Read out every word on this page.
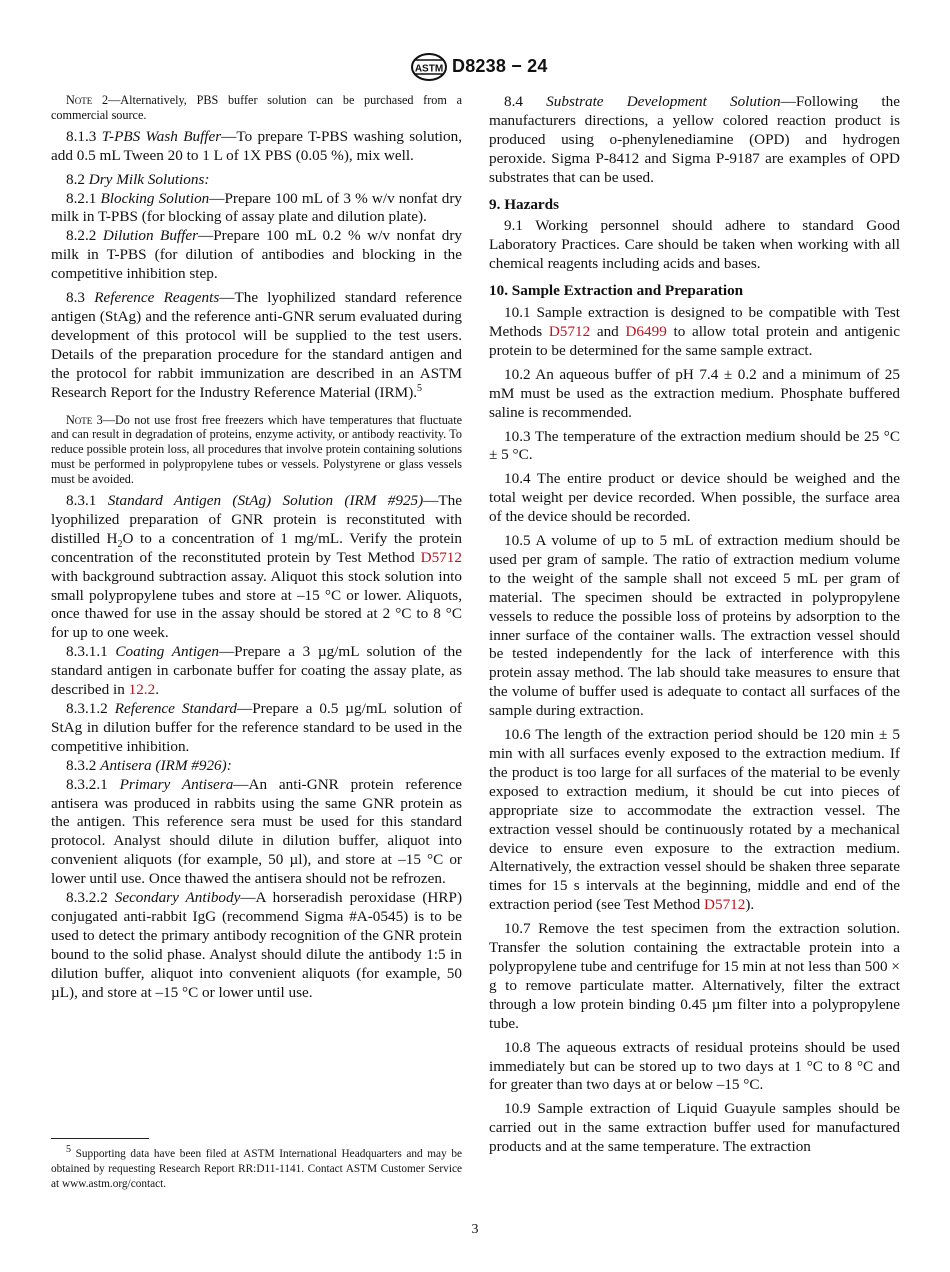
ASTM D8238 − 24

Note 2—Alternatively, PBS buffer solution can be purchased from a commercial source.

8.1.3 T-PBS Wash Buffer—To prepare T-PBS washing solution, add 0.5 mL Tween 20 to 1 L of 1X PBS (0.05 %), mix well.

8.2 Dry Milk Solutions:

8.2.1 Blocking Solution—Prepare 100 mL of 3 % w/v nonfat dry milk in T-PBS (for blocking of assay plate and dilution plate).

8.2.2 Dilution Buffer—Prepare 100 mL 0.2 % w/v nonfat dry milk in T-PBS (for dilution of antibodies and blocking in the competitive inhibition step.

8.3 Reference Reagents—The lyophilized standard reference antigen (StAg) and the reference anti-GNR serum evaluated during development of this protocol will be supplied to the test users. Details of the preparation procedure for the standard antigen and the protocol for rabbit immunization are described in an ASTM Research Report for the Industry Reference Material (IRM).$^5$

Note 3—Do not use frost free freezers which have temperatures that fluctuate and can result in degradation of proteins, enzyme activity, or antibody reactivity. To reduce possible protein loss, all procedures that involve protein containing solutions must be performed in polypropylene tubes or vessels. Polystyrene or glass vessels must be avoided.

8.3.1 Standard Antigen (StAg) Solution (IRM #925)—The lyophilized preparation of GNR protein is reconstituted with distilled $H_2O$ to a concentration of 1 mg/mL. Verify the protein concentration of the reconstituted protein by Test Method D5712 with background subtraction assay. Aliquot this stock solution into small polypropylene tubes and store at –15 °C or lower. Aliquots, once thawed for use in the assay should be stored at 2 °C to 8 °C for up to one week.

8.3.1.1 Coating Antigen—Prepare a 3 µg/mL solution of the standard antigen in carbonate buffer for coating the assay plate, as described in 12.2.

8.3.1.2 Reference Standard—Prepare a 0.5 µg/mL solution of StAg in dilution buffer for the reference standard to be used in the competitive inhibition.

8.3.2 Antisera (IRM #926):

8.3.2.1 Primary Antisera—An anti-GNR protein reference antisera was produced in rabbits using the same GNR protein as the antigen. This reference sera must be used for this standard protocol. Analyst should dilute in dilution buffer, aliquot into convenient aliquots (for example, 50 µl), and store at –15 °C or lower until use. Once thawed the antisera should not be refrozen.

8.3.2.2 Secondary Antibody—A horseradish peroxidase (HRP) conjugated anti-rabbit IgG (recommend Sigma #A-0545) is to be used to detect the primary antibody recognition of the GNR protein bound to the solid phase. Analyst should dilute the antibody 1:5 in dilution buffer, aliquot into convenient aliquots (for example, 50 µL), and store at –15 °C or lower until use.

8.4 Substrate Development Solution—Following the manufacturers directions, a yellow colored reaction product is produced using o-phenylenediamine (OPD) and hydrogen peroxide. Sigma P-8412 and Sigma P-9187 are examples of OPD substrates that can be used.

9. Hazards

9.1 Working personnel should adhere to standard Good Laboratory Practices. Care should be taken when working with all chemical reagents including acids and bases.

10. Sample Extraction and Preparation

10.1 Sample extraction is designed to be compatible with Test Methods D5712 and D6499 to allow total protein and antigenic protein to be determined for the same sample extract.

10.2 An aqueous buffer of pH 7.4 ± 0.2 and a minimum of 25 mM must be used as the extraction medium. Phosphate buffered saline is recommended.

10.3 The temperature of the extraction medium should be 25 °C ± 5 °C.

10.4 The entire product or device should be weighed and the total weight per device recorded. When possible, the surface area of the device should be recorded.

10.5 A volume of up to 5 mL of extraction medium should be used per gram of sample. The ratio of extraction medium volume to the weight of the sample shall not exceed 5 mL per gram of material. The specimen should be extracted in polypropylene vessels to reduce the possible loss of proteins by adsorption to the inner surface of the container walls. The extraction vessel should be tested independently for the lack of interference with this protein assay method. The lab should take measures to ensure that the volume of buffer used is adequate to contact all surfaces of the sample during extraction.

10.6 The length of the extraction period should be 120 min ± 5 min with all surfaces evenly exposed to the extraction medium. If the product is too large for all surfaces of the material to be evenly exposed to extraction medium, it should be cut into pieces of appropriate size to accommodate the extraction vessel. The extraction vessel should be continuously rotated by a mechanical device to ensure even exposure to the extraction medium. Alternatively, the extraction vessel should be shaken three separate times for 15 s intervals at the beginning, middle and end of the extraction period (see Test Method D5712).

10.7 Remove the test specimen from the extraction solution. Transfer the solution containing the extractable protein into a polypropylene tube and centrifuge for 15 min at not less than 500 × g to remove particulate matter. Alternatively, filter the extract through a low protein binding 0.45 µm filter into a polypropylene tube.

10.8 The aqueous extracts of residual proteins should be used immediately but can be stored up to two days at 1 °C to 8 °C and for greater than two days at or below –15 °C.

10.9 Sample extraction of Liquid Guayule samples should be carried out in the same extraction buffer used for manufactured products and at the same temperature. The extraction

$^5$ Supporting data have been filed at ASTM International Headquarters and may be obtained by requesting Research Report RR:D11-1141. Contact ASTM Customer Service at www.astm.org/contact.
3
